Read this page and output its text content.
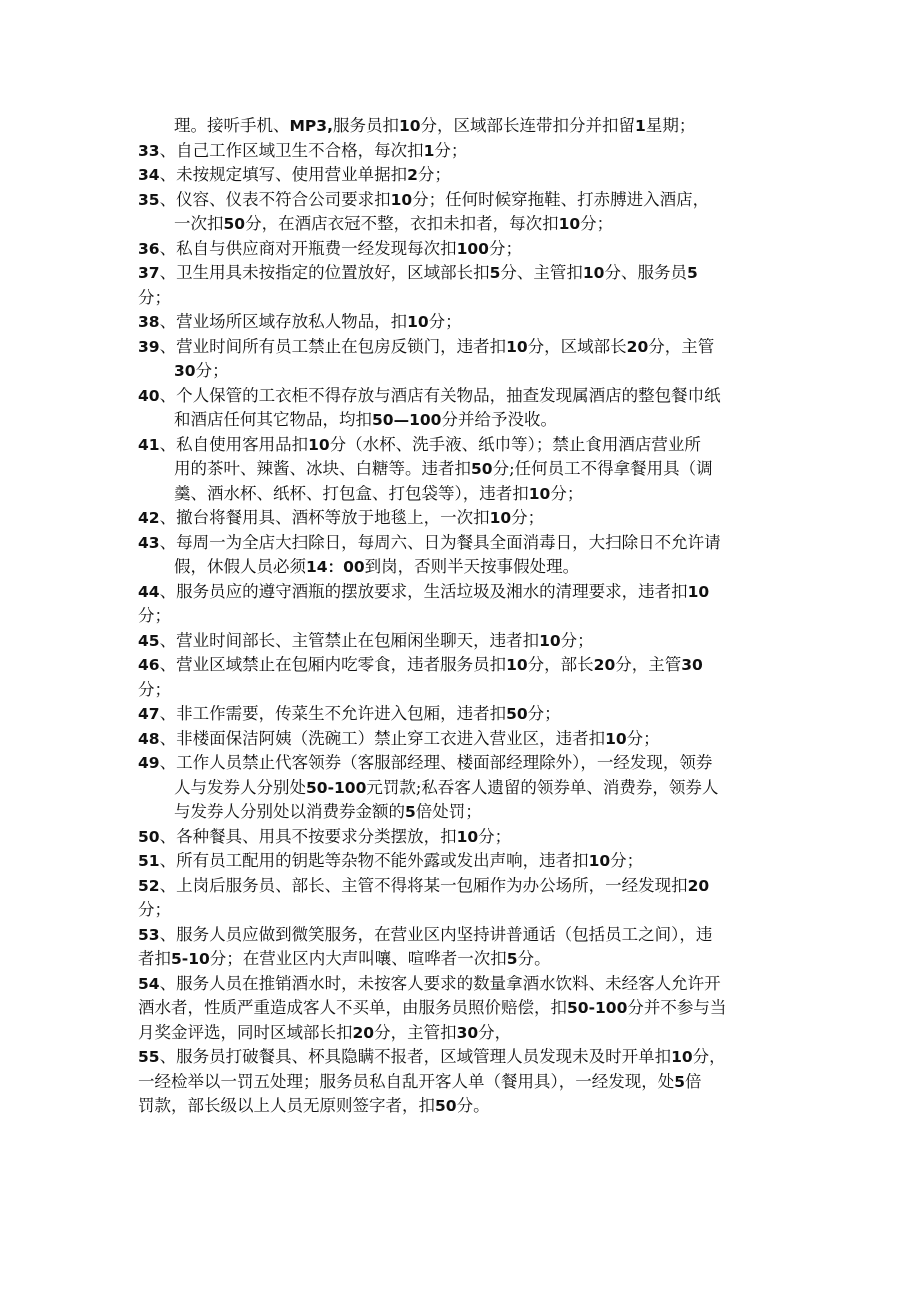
理。接听手机、MP3,服务员扣10分，区域部长连带扣分并扣留1星期；
33、自己工作区域卫生不合格，每次扣1分；
34、未按规定填写、使用营业单据扣2分；
35、仪容、仪表不符合公司要求扣10分；任何时候穿拖鞋、打赤膊进入酒店，
一次扣50分，在酒店衣冠不整，衣扣未扣者，每次扣10分；
36、私自与供应商对开瓶费一经发现每次扣100分；
37、卫生用具未按指定的位置放好，区域部长扣5分、主管扣10分、服务员5
分；
38、营业场所区域存放私人物品，扣10分；
39、营业时间所有员工禁止在包房反锁门，违者扣10分，区域部长20分，主管
30分；
40、个人保管的工衣柜不得存放与酒店有关物品，抽查发现属酒店的整包餐巾纸
和酒店任何其它物品，均扣50—100分并给予没收。
41、私自使用客用品扣10分（水杯、洗手液、纸巾等）；禁止食用酒店营业所
用的茶叶、辣酱、冰块、白糖等。违者扣50分;任何员工不得拿餐用具（调
羹、酒水杯、纸杯、打包盒、打包袋等），违者扣10分；
42、撤台将餐用具、酒杯等放于地毯上，一次扣10分；
43、每周一为全店大扫除日，每周六、日为餐具全面消毒日，大扫除日不允许请
假，休假人员必须14：00到岗，否则半天按事假处理。
44、服务员应的遵守酒瓶的摆放要求，生活垃圾及湘水的清理要求，违者扣10
分；
45、营业时间部长、主管禁止在包厢闲坐聊天，违者扣10分；
46、营业区域禁止在包厢内吃零食，违者服务员扣10分，部长20分，主管30
分；
47、非工作需要，传菜生不允许进入包厢，违者扣50分；
48、非楼面保洁阿姨（洗碗工）禁止穿工衣进入营业区，违者扣10分；
49、工作人员禁止代客领券（客服部经理、楼面部经理除外），一经发现，领券
人与发券人分别处50-100元罚款;私吞客人遗留的领券单、消费券，领券人
与发券人分别处以消费券金额的5倍处罚；
50、各种餐具、用具不按要求分类摆放，扣10分；
51、所有员工配用的钥匙等杂物不能外露或发出声响，违者扣10分；
52、上岗后服务员、部长、主管不得将某一包厢作为办公场所，一经发现扣20
分；
53、服务人员应做到微笑服务，在营业区内坚持讲普通话（包括员工之间），违
者扣5-10分；在营业区内大声叫嚷、喧哗者一次扣5分。
54、服务人员在推销酒水时，未按客人要求的数量拿酒水饮料、未经客人允许开
酒水者，性质严重造成客人不买单，由服务员照价赔偿，扣50-100分并不参与当
月奖金评选，同时区域部长扣20分，主管扣30分，
55、服务员打破餐具、杯具隐瞒不报者，区域管理人员发现未及时开单扣10分，
一经检举以一罚五处理；服务员私自乱开客人单（餐用具），一经发现，处5倍
罚款，部长级以上人员无原则签字者，扣50分。
